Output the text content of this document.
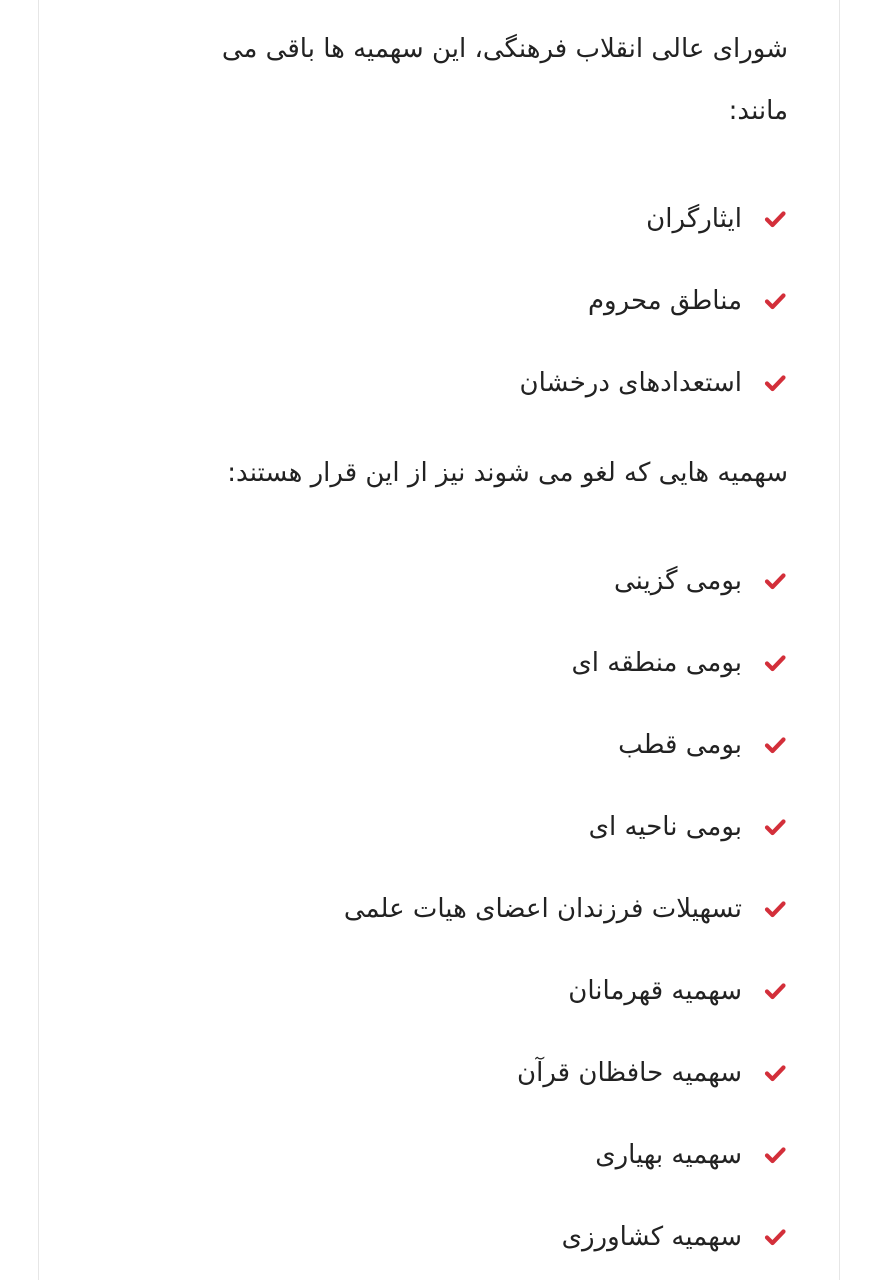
شورای عالی انقلاب فرهنگی، این سهمیه ها باقی می
مانند:

ایثارگران
مناطق محروم
استعدادهای درخشان

سهمیه هایی که لغو می شوند نیز از این قرار هستند:

بومی گزینی
بومی منطقه ای
بومی قطب
بومی ناحیه ای
تسهیلات فرزندان اعضای هیات علمی
سهمیه قهرمانان
سهمیه حافظان قرآن
سهمیه بهیاری
سهمیه کشاورزی
